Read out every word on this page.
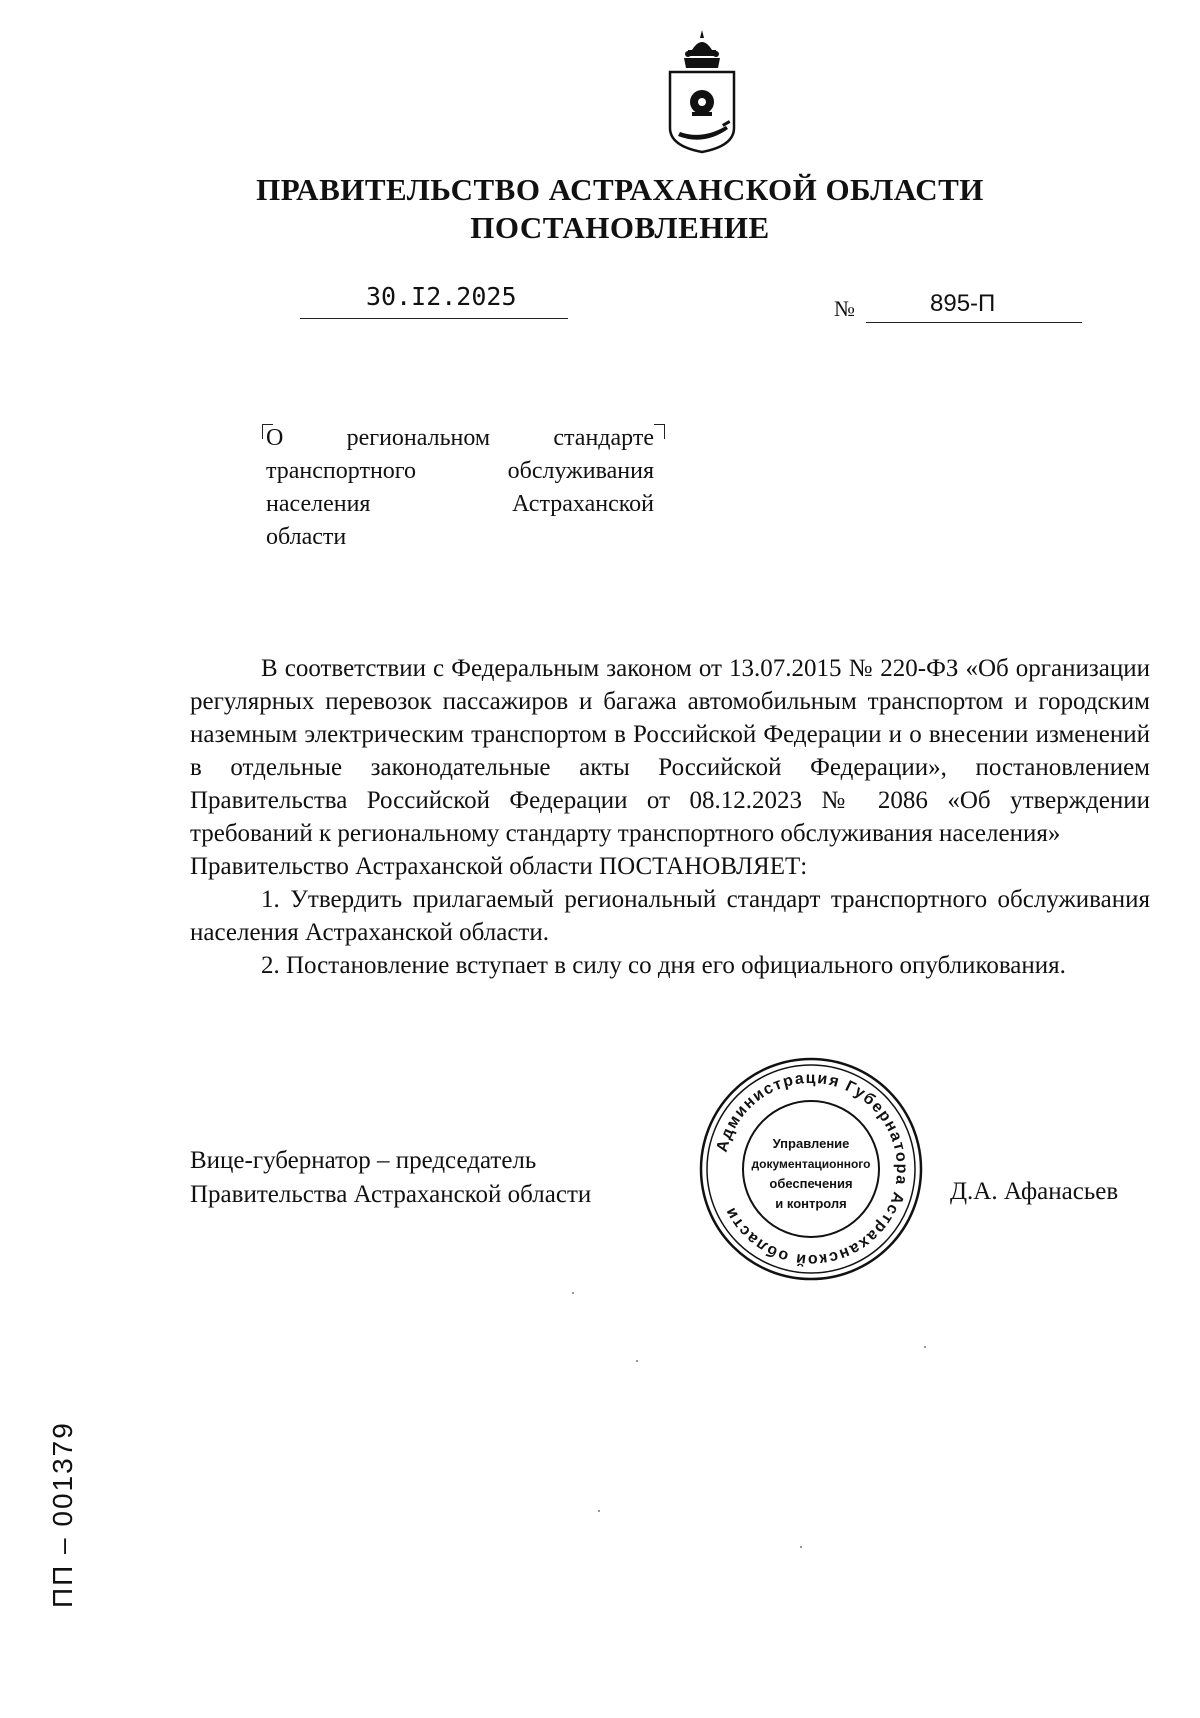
ПРАВИТЕЛЬСТВО АСТРАХАНСКОЙ ОБЛАСТИ
ПОСТАНОВЛЕНИЕ
30.I2.2025	№	895-П
О	региональном	стандарте
транспортного	обслуживания
населения	Астраханской
области

В соответствии с Федеральным законом от 13.07.2015 № 220-ФЗ «Об организации регулярных перевозок пассажиров и багажа автомобильным транспортом и городским наземным электрическим транспортом в Российской Федерации и о внесении изменений в отдельные законодательные акты Российской Федерации», постановлением Правительства Российской Федерации от 08.12.2023 № 2086 «Об утверждении требований к региональному стандарту транспортного обслуживания населения»

Правительство Астраханской области ПОСТАНОВЛЯЕТ:

1. Утвердить прилагаемый региональный стандарт транспортного обслуживания населения Астраханской области.

2. Постановление вступает в силу со дня его официального опубликования.

Вице-губернатор – председатель
Правительства Астраханской области
Администрация Губернатора Астраханской области
Управление
документационного
обеспечения
и контроля	Д.А. Афанасьев
ПП – 001379
